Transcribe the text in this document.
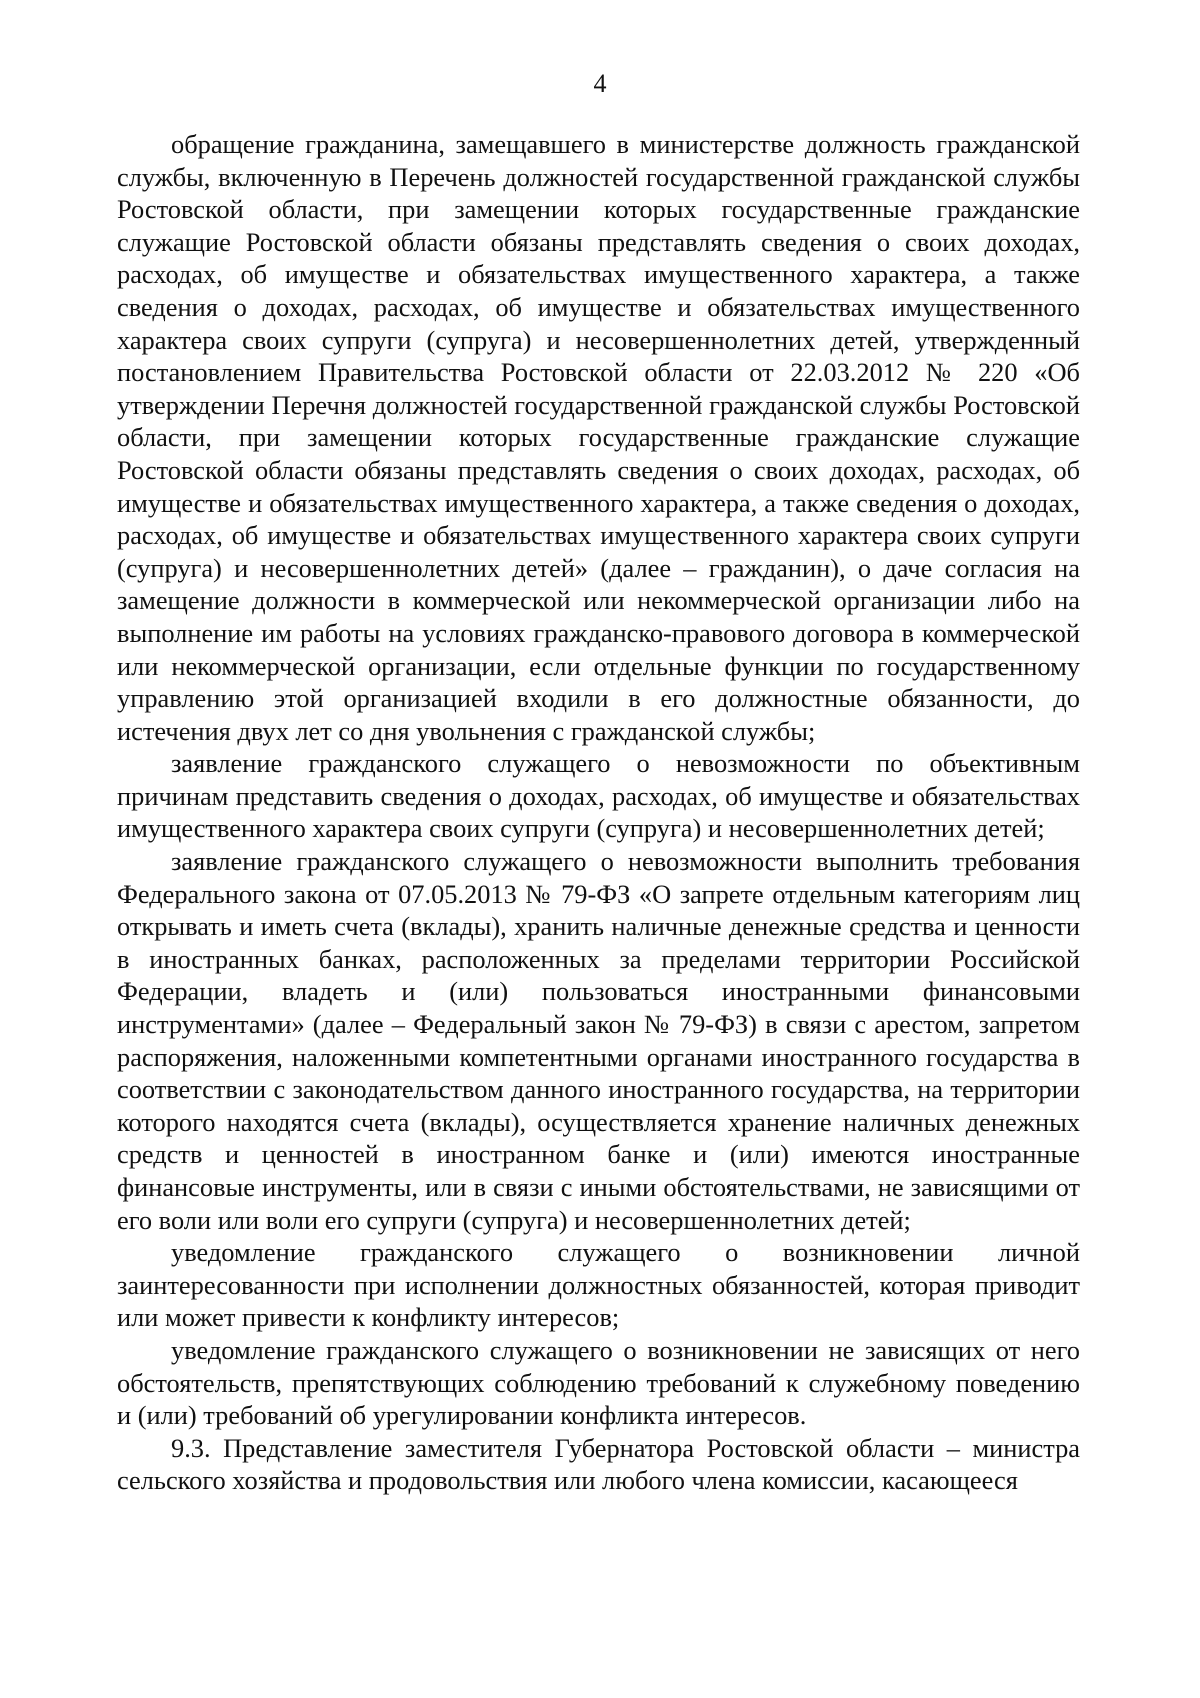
4

обращение гражданина, замещавшего в министерстве должность гражданской службы, включенную в Перечень должностей государственной гражданской службы Ростовской области, при замещении которых государственные гражданские служащие Ростовской области обязаны представлять сведения о своих доходах, расходах, об имуществе и обязательствах имущественного характера, а также сведения о доходах, расходах, об имуществе и обязательствах имущественного характера своих супруги (супруга) и несовершеннолетних детей, утвержденный постановлением Правительства Ростовской области от 22.03.2012 № 220 «Об утверждении Перечня должностей государственной гражданской службы Ростовской области, при замещении которых государственные гражданские служащие Ростовской области обязаны представлять сведения о своих доходах, расходах, об имуществе и обязательствах имущественного характера, а также сведения о доходах, расходах, об имуществе и обязательствах имущественного характера своих супруги (супруга) и несовершеннолетних детей» (далее – гражданин), о даче согласия на замещение должности в коммерческой или некоммерческой организации либо на выполнение им работы на условиях гражданско-правового договора в коммерческой или некоммерческой организации, если отдельные функции по государственному управлению этой организацией входили в его должностные обязанности, до истечения двух лет со дня увольнения с гражданской службы;

заявление гражданского служащего о невозможности по объективным причинам представить сведения о доходах, расходах, об имуществе и обязательствах имущественного характера своих супруги (супруга) и несовершеннолетних детей;

заявление гражданского служащего о невозможности выполнить требования Федерального закона от 07.05.2013 № 79-ФЗ «О запрете отдельным категориям лиц открывать и иметь счета (вклады), хранить наличные денежные средства и ценности в иностранных банках, расположенных за пределами территории Российской Федерации, владеть и (или) пользоваться иностранными финансовыми инструментами» (далее – Федеральный закон № 79-ФЗ) в связи с арестом, запретом распоряжения, наложенными компетентными органами иностранного государства в соответствии с законодательством данного иностранного государства, на территории которого находятся счета (вклады), осуществляется хранение наличных денежных средств и ценностей в иностранном банке и (или) имеются иностранные финансовые инструменты, или в связи с иными обстоятельствами, не зависящими от его воли или воли его супруги (супруга) и несовершеннолетних детей;

уведомление гражданского служащего о возникновении личной заинтересованности при исполнении должностных обязанностей, которая приводит или может привести к конфликту интересов;

уведомление гражданского служащего о возникновении не зависящих от него обстоятельств, препятствующих соблюдению требований к служебному поведению и (или) требований об урегулировании конфликта интересов.

9.3. Представление заместителя Губернатора Ростовской области – министра сельского хозяйства и продовольствия или любого члена комиссии, касающееся
